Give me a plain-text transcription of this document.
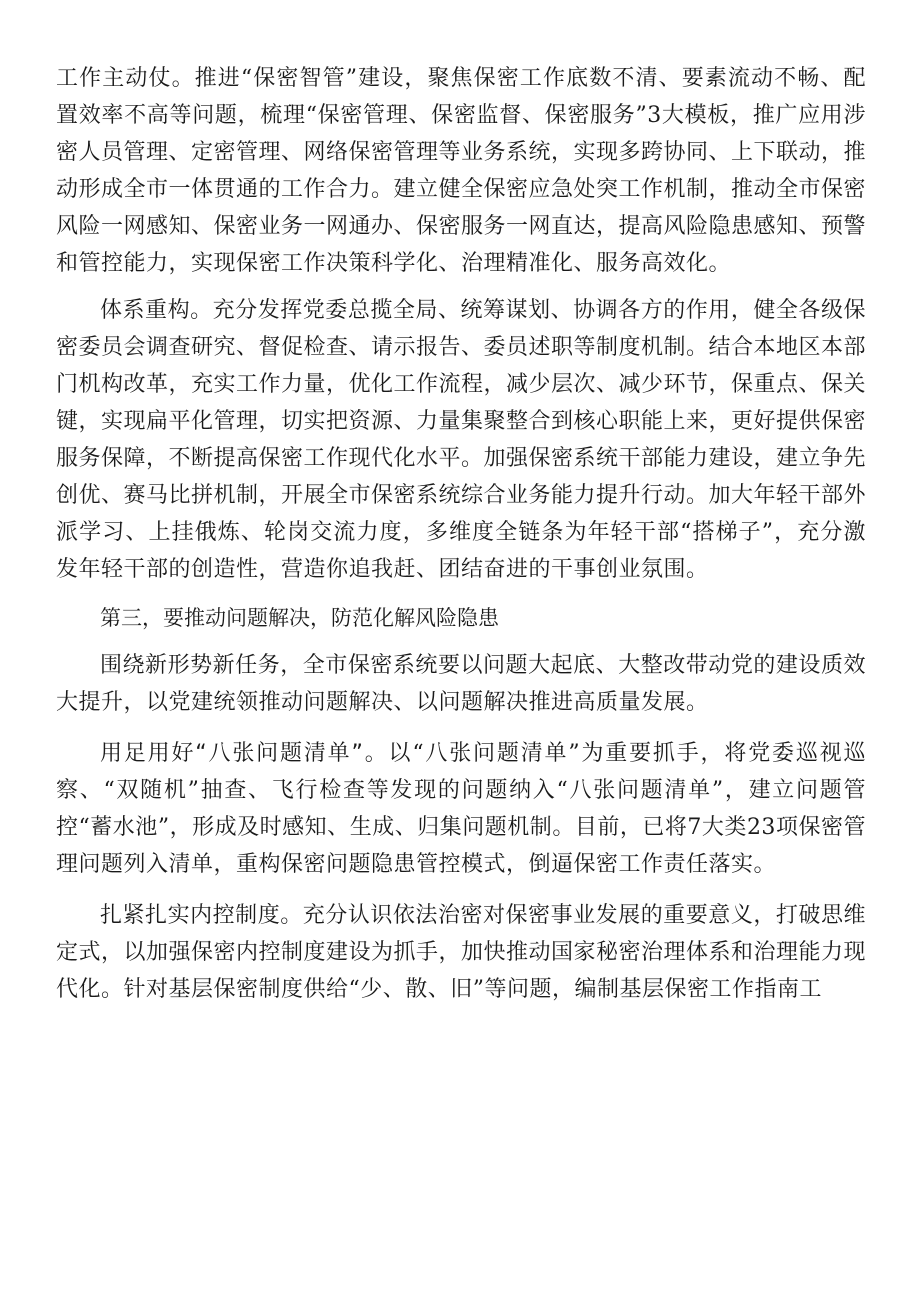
工作主动仗。推进“保密智管”建设，聚焦保密工作底数不清、要素流动不畅、配置效率不高等问题，梳理“保密管理、保密监督、保密服务”3大模板，推广应用涉密人员管理、定密管理、网络保密管理等业务系统，实现多跨协同、上下联动，推动形成全市一体贯通的工作合力。建立健全保密应急处突工作机制，推动全市保密风险一网感知、保密业务一网通办、保密服务一网直达，提高风险隐患感知、预警和管控能力，实现保密工作决策科学化、治理精准化、服务高效化。

体系重构。充分发挥党委总揽全局、统筹谋划、协调各方的作用，健全各级保密委员会调查研究、督促检查、请示报告、委员述职等制度机制。结合本地区本部门机构改革，充实工作力量，优化工作流程，减少层次、减少环节，保重点、保关键，实现扁平化管理，切实把资源、力量集聚整合到核心职能上来，更好提供保密服务保障，不断提高保密工作现代化水平。加强保密系统干部能力建设，建立争先创优、赛马比拼机制，开展全市保密系统综合业务能力提升行动。加大年轻干部外派学习、上挂俄炼、轮岗交流力度，多维度全链条为年轻干部“搭梯子”，充分激发年轻干部的创造性，营造你追我赶、团结奋进的干事创业氛围。

第三，要推动问题解决，防范化解风险隐患

围绕新形势新任务，全市保密系统要以问题大起底、大整改带动党的建设质效大提升，以党建统领推动问题解决、以问题解决推进高质量发展。

用足用好“八张问题清单”。以“八张问题清单”为重要抓手，将党委巡视巡察、“双随机”抽查、飞行检查等发现的问题纳入“八张问题清单”，建立问题管控“蓄水池”，形成及时感知、生成、归集问题机制。目前，已将7大类23项保密管理问题列入清单，重构保密问题隐患管控模式，倒逼保密工作责任落实。

扎紧扎实内控制度。充分认识依法治密对保密事业发展的重要意义，打破思维定式，以加强保密内控制度建设为抓手，加快推动国家秘密治理体系和治理能力现代化。针对基层保密制度供给“少、散、旧”等问题，编制基层保密工作指南工
